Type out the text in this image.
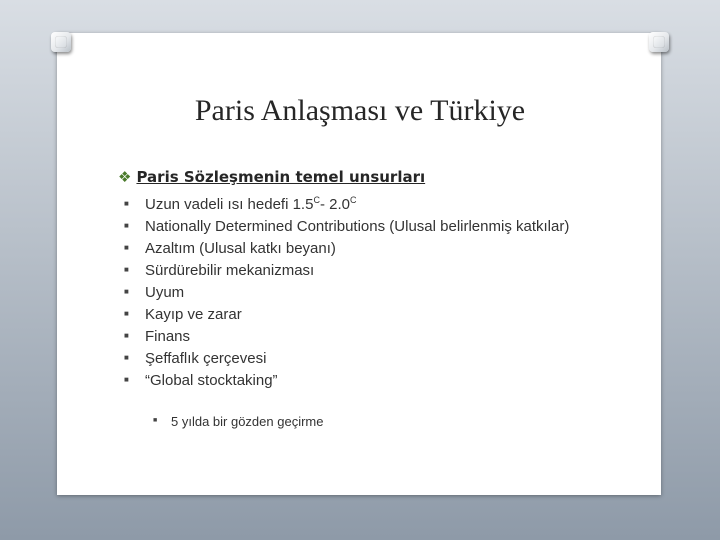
Paris Anlaşması ve Türkiye
❖ Paris Sözleşmenin temel unsurları
■ Uzun vadeli ısı hedefi $1.5^C-$ $2.0^C$
■ Nationally Determined Contributions (Ulusal belirlenmiş katkılar)
■ Azaltım (Ulusal katkı beyanı)
■ Sürdürebilir mekanizması
■ Uyum
■ Kayıp ve zarar
■ Finans
■ Şeffaflık çerçevesi
■ “Global stocktaking”
■ 5 yılda bir gözden geçirme
